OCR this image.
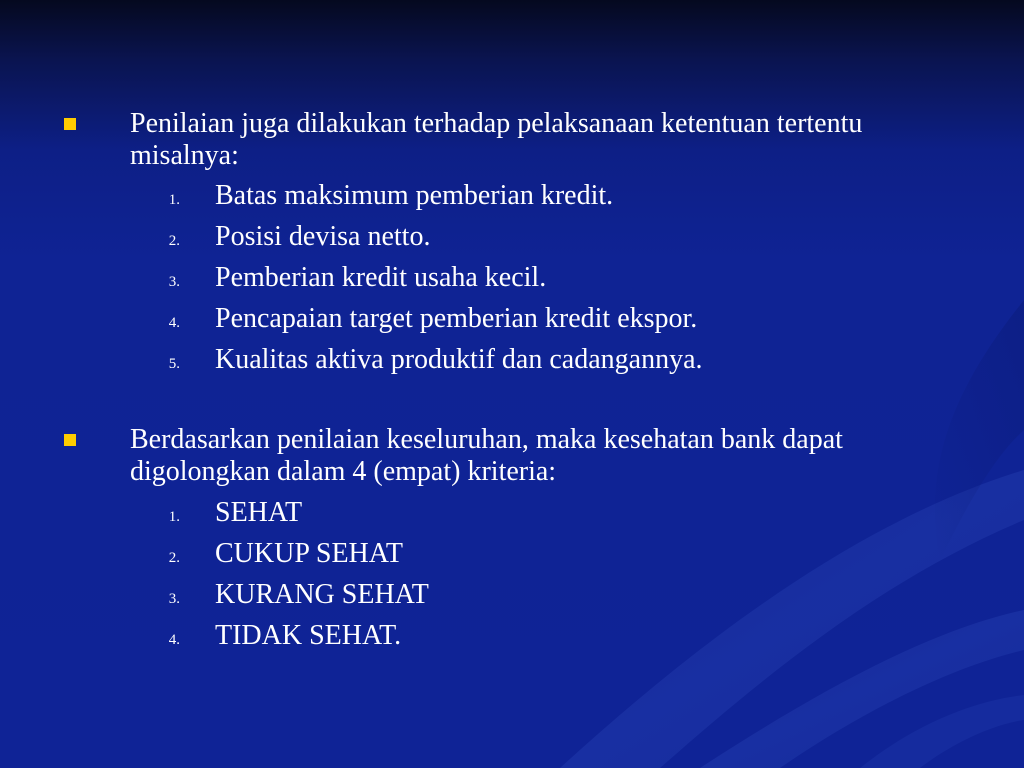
Penilaian juga dilakukan terhadap pelaksanaan ketentuan tertentu misalnya:
1. Batas maksimum pemberian kredit.
2. Posisi devisa netto.
3. Pemberian kredit usaha kecil.
4. Pencapaian target pemberian kredit ekspor.
5. Kualitas aktiva produktif dan cadangannya.
Berdasarkan penilaian keseluruhan, maka kesehatan bank dapat digolongkan dalam 4 (empat) kriteria:
1. SEHAT
2. CUKUP SEHAT
3. KURANG SEHAT
4. TIDAK SEHAT.
